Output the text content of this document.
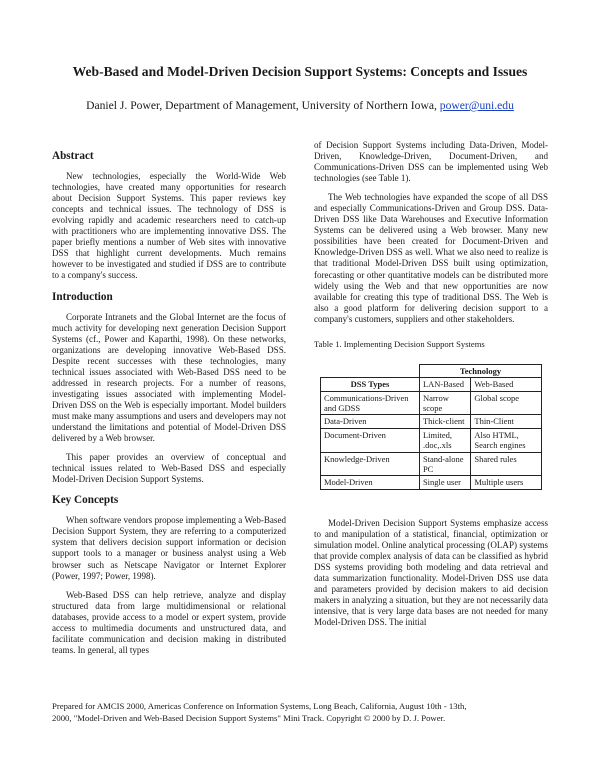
Web-Based and Model-Driven Decision Support Systems: Concepts and Issues

Daniel J. Power, Department of Management, University of Northern Iowa, power@uni.edu

Abstract

New technologies, especially the World-Wide Web technologies, have created many opportunities for research about Decision Support Systems. This paper reviews key concepts and technical issues. The technology of DSS is evolving rapidly and academic researchers need to catch-up with practitioners who are implementing innovative DSS. The paper briefly mentions a number of Web sites with innovative DSS that highlight current developments. Much remains however to be investigated and studied if DSS are to contribute to a company's success.

Introduction

Corporate Intranets and the Global Internet are the focus of much activity for developing next generation Decision Support Systems (cf., Power and Kaparthi, 1998). On these networks, organizations are developing innovative Web-Based DSS. Despite recent successes with these technologies, many technical issues associated with Web-Based DSS need to be addressed in research projects. For a number of reasons, investigating issues associated with implementing Model-Driven DSS on the Web is especially important. Model builders must make many assumptions and users and developers may not understand the limitations and potential of Model-Driven DSS delivered by a Web browser.

This paper provides an overview of conceptual and technical issues related to Web-Based DSS and especially Model-Driven Decision Support Systems.

Key Concepts

When software vendors propose implementing a Web-Based Decision Support System, they are referring to a computerized system that delivers decision support information or decision support tools to a manager or business analyst using a Web browser such as Netscape Navigator or Internet Explorer (Power, 1997; Power, 1998).

Web-Based DSS can help retrieve, analyze and display structured data from large multidimensional or relational databases, provide access to a model or expert system, provide access to multimedia documents and unstructured data, and facilitate communication and decision making in distributed teams. In general, all types

of Decision Support Systems including Data-Driven, Model-Driven, Knowledge-Driven, Document-Driven, and Communications-Driven DSS can be implemented using Web technologies (see Table 1).

The Web technologies have expanded the scope of all DSS and especially Communications-Driven and Group DSS. Data-Driven DSS like Data Warehouses and Executive Information Systems can be delivered using a Web browser. Many new possibilities have been created for Document-Driven and Knowledge-Driven DSS as well. What we also need to realize is that traditional Model-Driven DSS built using optimization, forecasting or other quantitative models can be distributed more widely using the Web and that new opportunities are now available for creating this type of traditional DSS. The Web is also a good platform for delivering decision support to a company's customers, suppliers and other stakeholders.

Table 1. Implementing Decision Support Systems

	Technology	
DSS Types	LAN-Based	Web-Based
Communications-Driven and GDSS	Narrow scope	Global scope
Data-Driven	Thick-client	Thin-Client
Document-Driven	Limited, .doc,.xls	Also HTML, Search engines
Knowledge-Driven	Stand-alone PC	Shared rules
Model-Driven	Single user	Multiple users

Model-Driven Decision Support Systems emphasize access to and manipulation of a statistical, financial, optimization or simulation model. Online analytical processing (OLAP) systems that provide complex analysis of data can be classified as hybrid DSS systems providing both modeling and data retrieval and data summarization functionality. Model-Driven DSS use data and parameters provided by decision makers to aid decision makers in analyzing a situation, but they are not necessarily data intensive, that is very large data bases are not needed for many Model-Driven DSS. The initial

Prepared for AMCIS 2000, Americas Conference on Information Systems, Long Beach, California, August 10th - 13th,
2000, "Model-Driven and Web-Based Decision Support Systems" Mini Track. Copyright © 2000 by D. J. Power.
